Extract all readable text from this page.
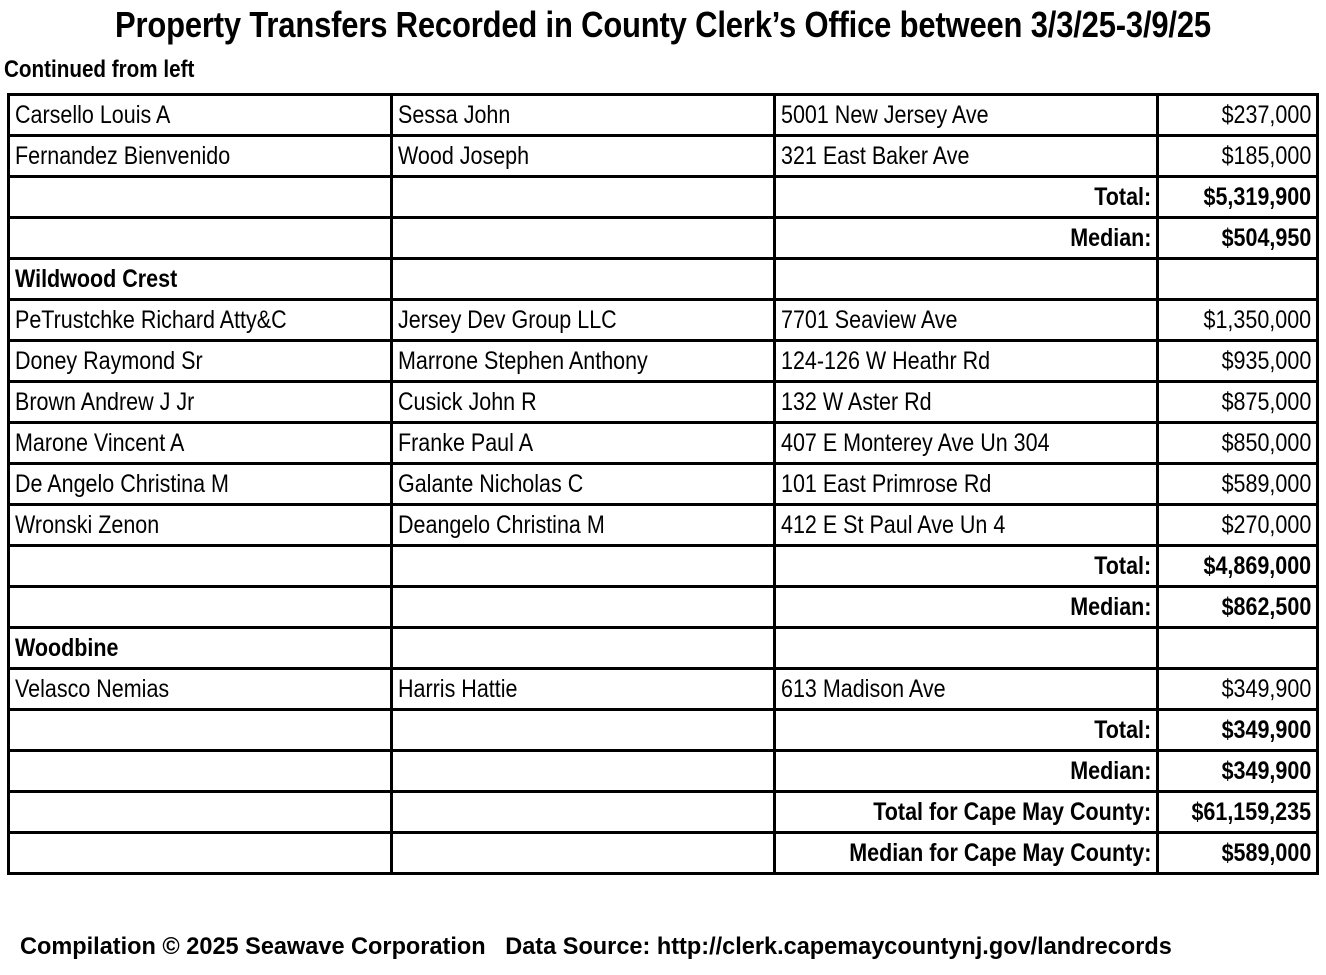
Property Transfers Recorded in County Clerk’s Office between 3/3/25-3/9/25
Continued from left
Carsello Louis A	Sessa John	5001 New Jersey Ave	$237,000
Fernandez Bienvenido	Wood Joseph	321 East Baker Ave	$185,000
		Total:	$5,319,900
		Median:	$504,950
Wildwood Crest			
PeTrustchke Richard Atty&C	Jersey Dev Group LLC	7701 Seaview Ave	$1,350,000
Doney Raymond Sr	Marrone Stephen Anthony	124-126 W Heathr Rd	$935,000
Brown Andrew J Jr	Cusick John R	132 W Aster Rd	$875,000
Marone Vincent A	Franke Paul A	407 E Monterey Ave Un 304	$850,000
De Angelo Christina M	Galante Nicholas C	101 East Primrose Rd	$589,000
Wronski Zenon	Deangelo Christina M	412 E St Paul Ave Un 4	$270,000
		Total:	$4,869,000
		Median:	$862,500
Woodbine			
Velasco Nemias	Harris Hattie	613 Madison Ave	$349,900
		Total:	$349,900
		Median:	$349,900
		Total for Cape May County:	$61,159,235
		Median for Cape May County:	$589,000
Compilation © 2025 Seawave Corporation Data Source: http://clerk.capemaycountynj.gov/landrecords
